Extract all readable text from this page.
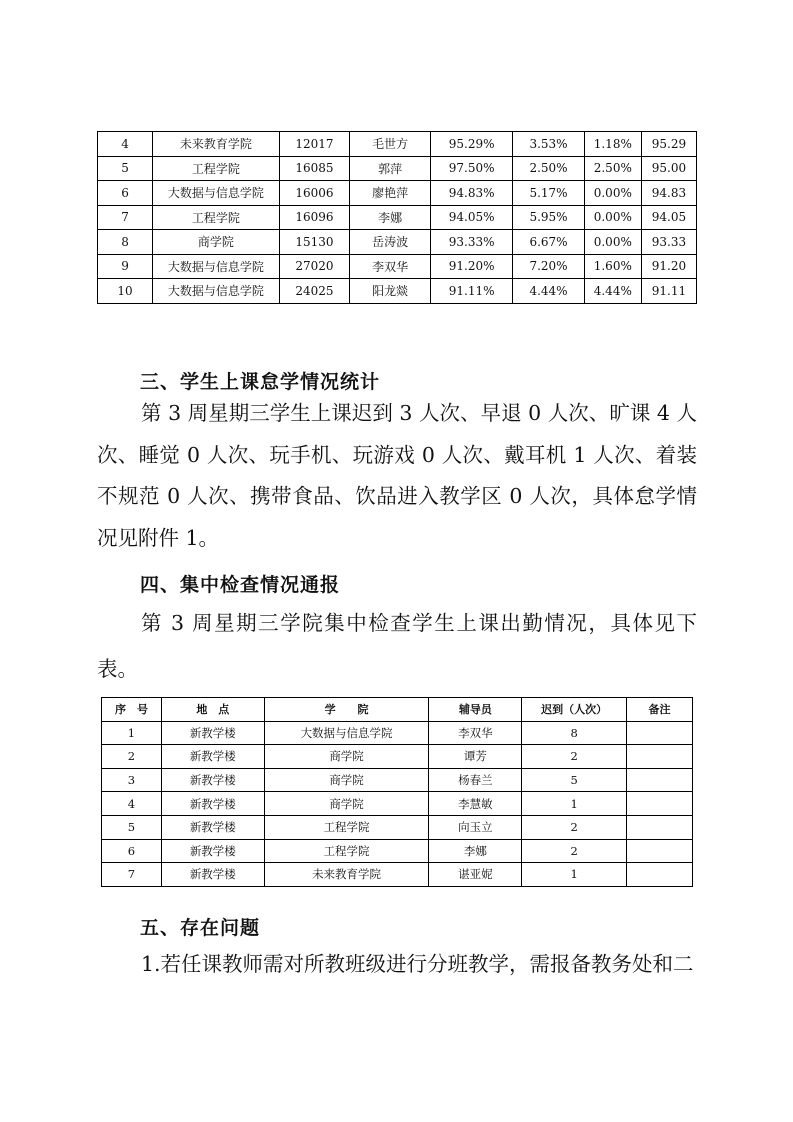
4	未来教育学院	12017	毛世方	95.29%	3.53%	1.18%	95.29
5	工程学院	16085	郭萍	97.50%	2.50%	2.50%	95.00
6	大数据与信息学院	16006	廖艳萍	94.83%	5.17%	0.00%	94.83
7	工程学院	16096	李娜	94.05%	5.95%	0.00%	94.05
8	商学院	15130	岳涛波	93.33%	6.67%	0.00%	93.33
9	大数据与信息学院	27020	李双华	91.20%	7.20%	1.60%	91.20
10	大数据与信息学院	24025	阳龙燚	91.11%	4.44%	4.44%	91.11
三、学生上课怠学情况统计

第 3 周星期三学生上课迟到 3 人次、早退 0 人次、旷课 4 人次、睡觉 0 人次、玩手机、玩游戏 0 人次、戴耳机 1 人次、着装不规范 0 人次、携带食品、饮品进入教学区 0 人次，具体怠学情况见附件 1。

四、集中检查情况通报

第 3 周星期三学院集中检查学生上课出勤情况，具体见下表。

序　号	地　点	学　　院	辅导员	迟到（人次）	备注
1	新教学楼	大数据与信息学院	李双华	8	
2	新教学楼	商学院	谭芳	2	
3	新教学楼	商学院	杨春兰	5	
4	新教学楼	商学院	李慧敏	1	
5	新教学楼	工程学院	向玉立	2	
6	新教学楼	工程学院	李娜	2	
7	新教学楼	未来教育学院	谌亚妮	1	
五、存在问题

1.若任课教师需对所教班级进行分班教学，需报备教务处和二
